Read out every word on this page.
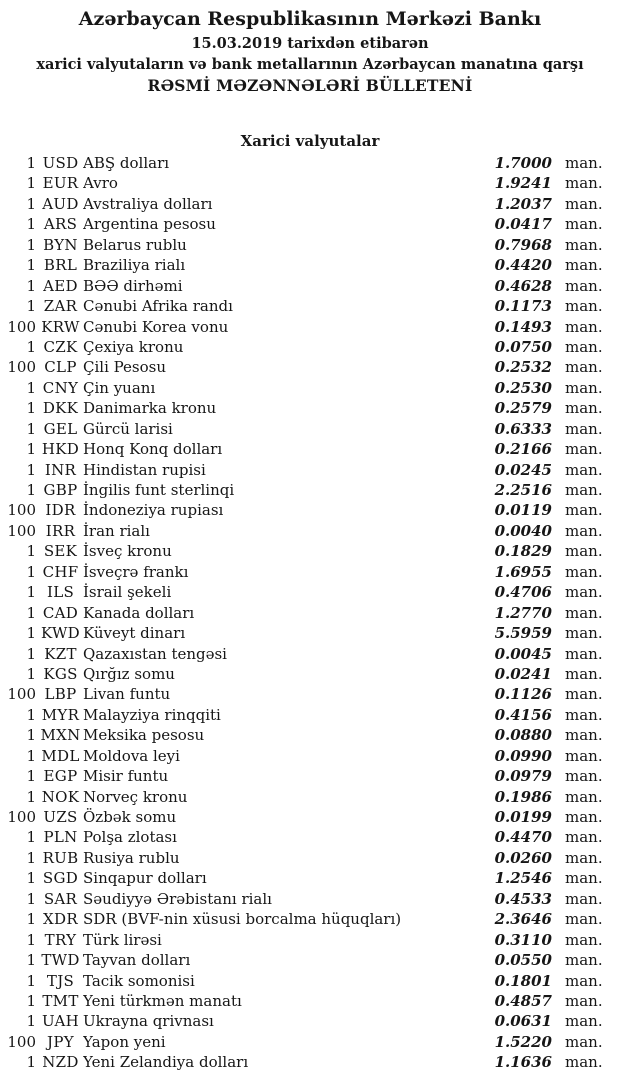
Azərbaycan Respublikasının Mərkəzi Bankı
15.03.2019 tarixdən etibarən
xarici valyutaların və bank metallarının Azərbaycan manatına qarşı
RƏSMİ MƏZƏNNƏLƏRİ BÜLLETENİ
Xarici valyutalar
1 USD ABŞ dolları	1.7000 man.
1 EUR Avro	1.9241 man.
1 AUD Avstraliya dolları	1.2037 man.
1 ARS Argentina pesosu	0.0417 man.
1 BYN Belarus rublu	0.7968 man.
1 BRL Braziliya rialı	0.4420 man.
1 AED BƏƏ dirhəmi	0.4628 man.
1 ZAR Cənubi Afrika randı	0.1173 man.
100 KRW Cənubi Korea vonu	0.1493 man.
1 CZK Çexiya kronu	0.0750 man.
100 CLP Çili Pesosu	0.2532 man.
1 CNY Çin yuanı	0.2530 man.
1 DKK Danimarka kronu	0.2579 man.
1 GEL Gürcü larisi	0.6333 man.
1 HKD Honq Konq dolları	0.2166 man.
1 INR Hindistan rupisi	0.0245 man.
1 GBP İngilis funt sterlinqi	2.2516 man.
100 IDR İndoneziya rupiası	0.0119 man.
100 IRR İran rialı	0.0040 man.
1 SEK İsveç kronu	0.1829 man.
1 CHF İsveçrə frankı	1.6955 man.
1 ILS İsrail şekeli	0.4706 man.
1 CAD Kanada dolları	1.2770 man.
1 KWD Küveyt dinarı	5.5959 man.
1 KZT Qazaxıstan tengəsi	0.0045 man.
1 KGS Qırğız somu	0.0241 man.
100 LBP Livan funtu	0.1126 man.
1 MYR Malayziya rinqqiti	0.4156 man.
1 MXN Meksika pesosu	0.0880 man.
1 MDL Moldova leyi	0.0990 man.
1 EGP Misir funtu	0.0979 man.
1 NOK Norveç kronu	0.1986 man.
100 UZS Özbək somu	0.0199 man.
1 PLN Polşa zlotası	0.4470 man.
1 RUB Rusiya rublu	0.0260 man.
1 SGD Sinqapur dolları	1.2546 man.
1 SAR Səudiyyə Ərəbistanı rialı	0.4533 man.
1 XDR SDR (BVF-nin xüsusi borcalma hüquqları)	2.3646 man.
1 TRY Türk lirəsi	0.3110 man.
1 TWD Tayvan dolları	0.0550 man.
1 TJS Tacik somonisi	0.1801 man.
1 TMT Yeni türkmən manatı	0.4857 man.
1 UAH Ukrayna qrivnası	0.0631 man.
100 JPY Yapon yeni	1.5220 man.
1 NZD Yeni Zelandiya dolları	1.1636 man.
